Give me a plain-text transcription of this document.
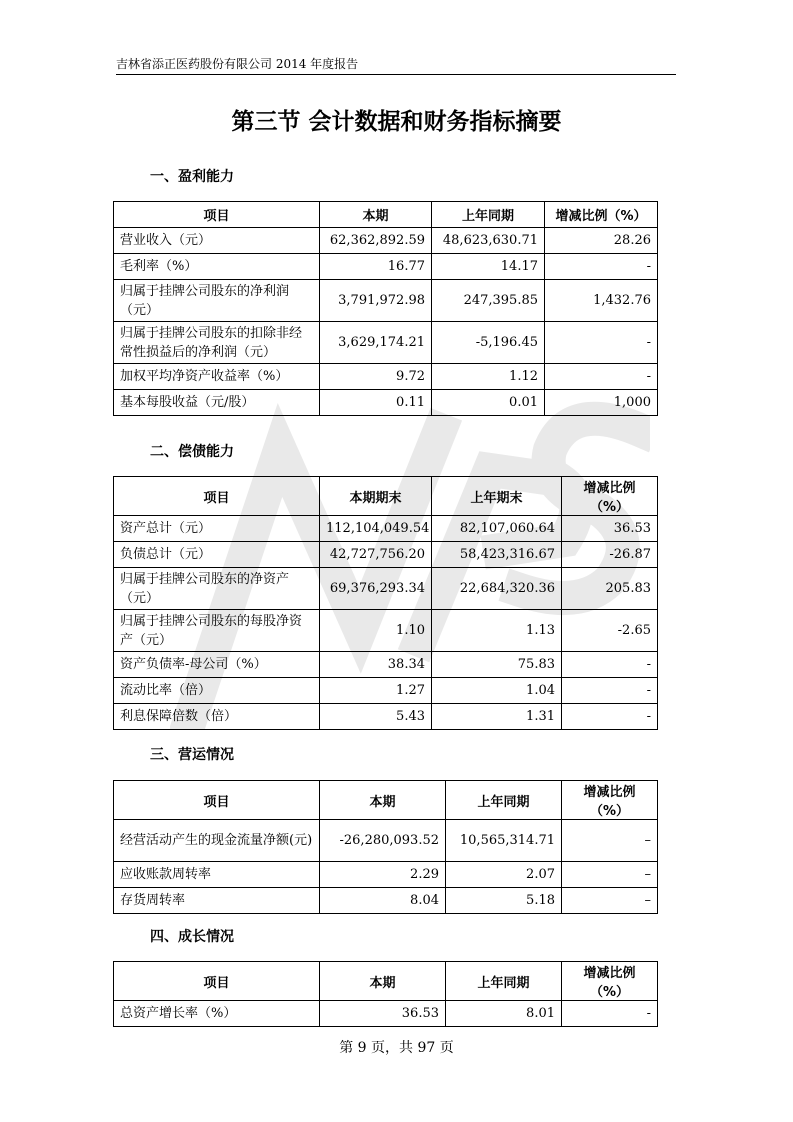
吉林省添正医药股份有限公司 2014 年度报告
第三节 会计数据和财务指标摘要
一、盈利能力
项目	本期	上年同期	增减比例（%）
营业收入（元）	62,362,892.59	48,623,630.71	28.26
毛利率（%）	16.77	14.17	-
归属于挂牌公司股东的净利润（元）	3,791,972.98	247,395.85	1,432.76
归属于挂牌公司股东的扣除非经常性损益后的净利润（元）	3,629,174.21	-5,196.45	-
加权平均净资产收益率（%）	9.72	1.12	-
基本每股收益（元/股）	0.11	0.01	1,000
二、偿债能力
项目	本期期末	上年期末	增减比例（%）
资产总计（元）	112,104,049.54	82,107,060.64	36.53
负债总计（元）	42,727,756.20	58,423,316.67	-26.87
归属于挂牌公司股东的净资产（元）	69,376,293.34	22,684,320.36	205.83
归属于挂牌公司股东的每股净资产（元）	1.10	1.13	-2.65
资产负债率-母公司（%）	38.34	75.83	-
流动比率（倍）	1.27	1.04	-
利息保障倍数（倍）	5.43	1.31	-
三、营运情况
项目	本期	上年同期	增减比例（%）
经营活动产生的现金流量净额(元)	-26,280,093.52	10,565,314.71	–
应收账款周转率	2.29	2.07	–
存货周转率	8.04	5.18	–
四、成长情况
项目	本期	上年同期	增减比例（%）
总资产增长率（%）	36.53	8.01	-
第 9 页，共 97 页
